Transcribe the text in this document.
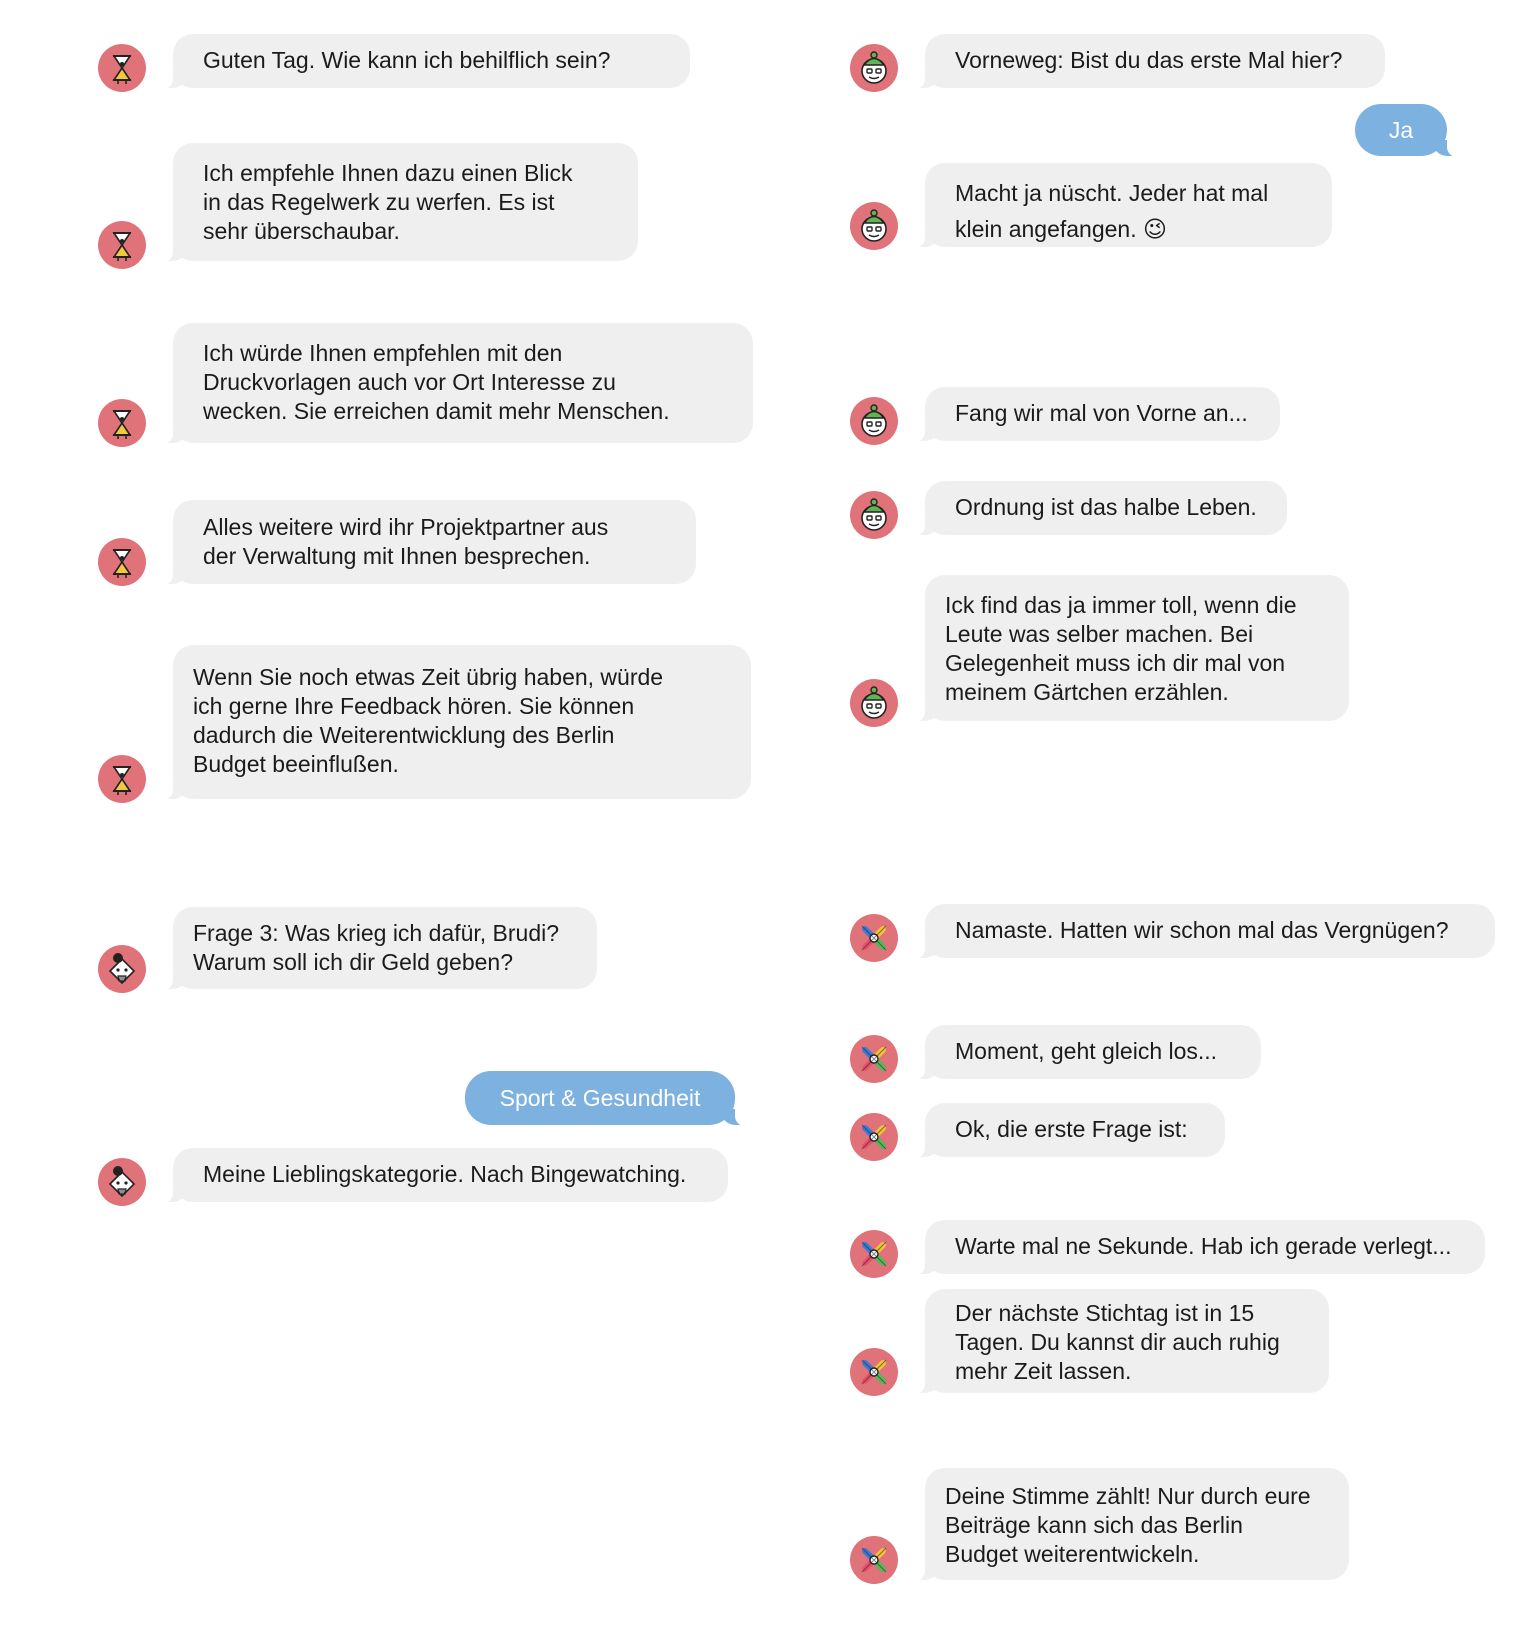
Guten Tag. Wie kann ich behilflich sein?
Ich empfehle Ihnen dazu einen Blick
in das Regelwerk zu werfen. Es ist
sehr überschaubar.
Ich würde Ihnen empfehlen mit den
Druckvorlagen auch vor Ort Interesse zu
wecken. Sie erreichen damit mehr Menschen.
Alles weitere wird ihr Projektpartner aus
der Verwaltung mit Ihnen besprechen.
Wenn Sie noch etwas Zeit übrig haben, würde
ich gerne Ihre Feedback hören. Sie können
dadurch die Weiterentwicklung des Berlin
Budget beeinflußen.
Frage 3: Was krieg ich dafür, Brudi?
Warum soll ich dir Geld geben?
Sport & Gesundheit
Meine Lieblingskategorie. Nach Bingewatching.
Vorneweg: Bist du das erste Mal hier?
Ja
Macht ja nüscht. Jeder hat mal
klein angefangen. 😉
Fang wir mal von Vorne an...
Ordnung ist das halbe Leben.
Ick find das ja immer toll, wenn die
Leute was selber machen. Bei
Gelegenheit muss ich dir mal von
meinem Gärtchen erzählen.
Namaste. Hatten wir schon mal das Vergnügen?
Moment, geht gleich los...
Ok, die erste Frage ist:
Warte mal ne Sekunde. Hab ich gerade verlegt...
Der nächste Stichtag ist in 15
Tagen. Du kannst dir auch ruhig
mehr Zeit lassen.
Deine Stimme zählt! Nur durch eure
Beiträge kann sich das Berlin
Budget weiterentwickeln.
